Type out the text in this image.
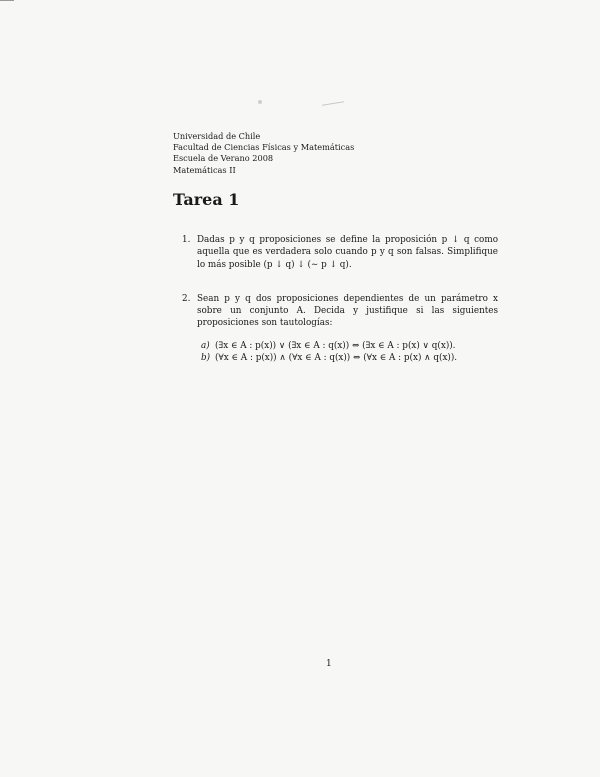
Universidad de Chile
Facultad de Ciencias Físicas y Matemáticas
Escuela de Verano 2008
Matemáticas II
Tarea 1
1. Dadas p y q proposiciones se define la proposición p ↓ q como aquella que es verdadera solo cuando p y q son falsas. Simplifique lo más posible (p ↓ q) ↓ (∼ p ↓ q).
2. Sean p y q dos proposiciones dependientes de un parámetro x sobre un conjunto A. Decida y justifique si las siguientes proposiciones son tautologías:
a) (∃x ∈ A : p(x)) ∨ (∃x ∈ A : q(x)) ⇔ (∃x ∈ A : p(x) ∨ q(x)).
b) (∀x ∈ A : p(x)) ∧ (∀x ∈ A : q(x)) ⇔ (∀x ∈ A : p(x) ∧ q(x)).
1
